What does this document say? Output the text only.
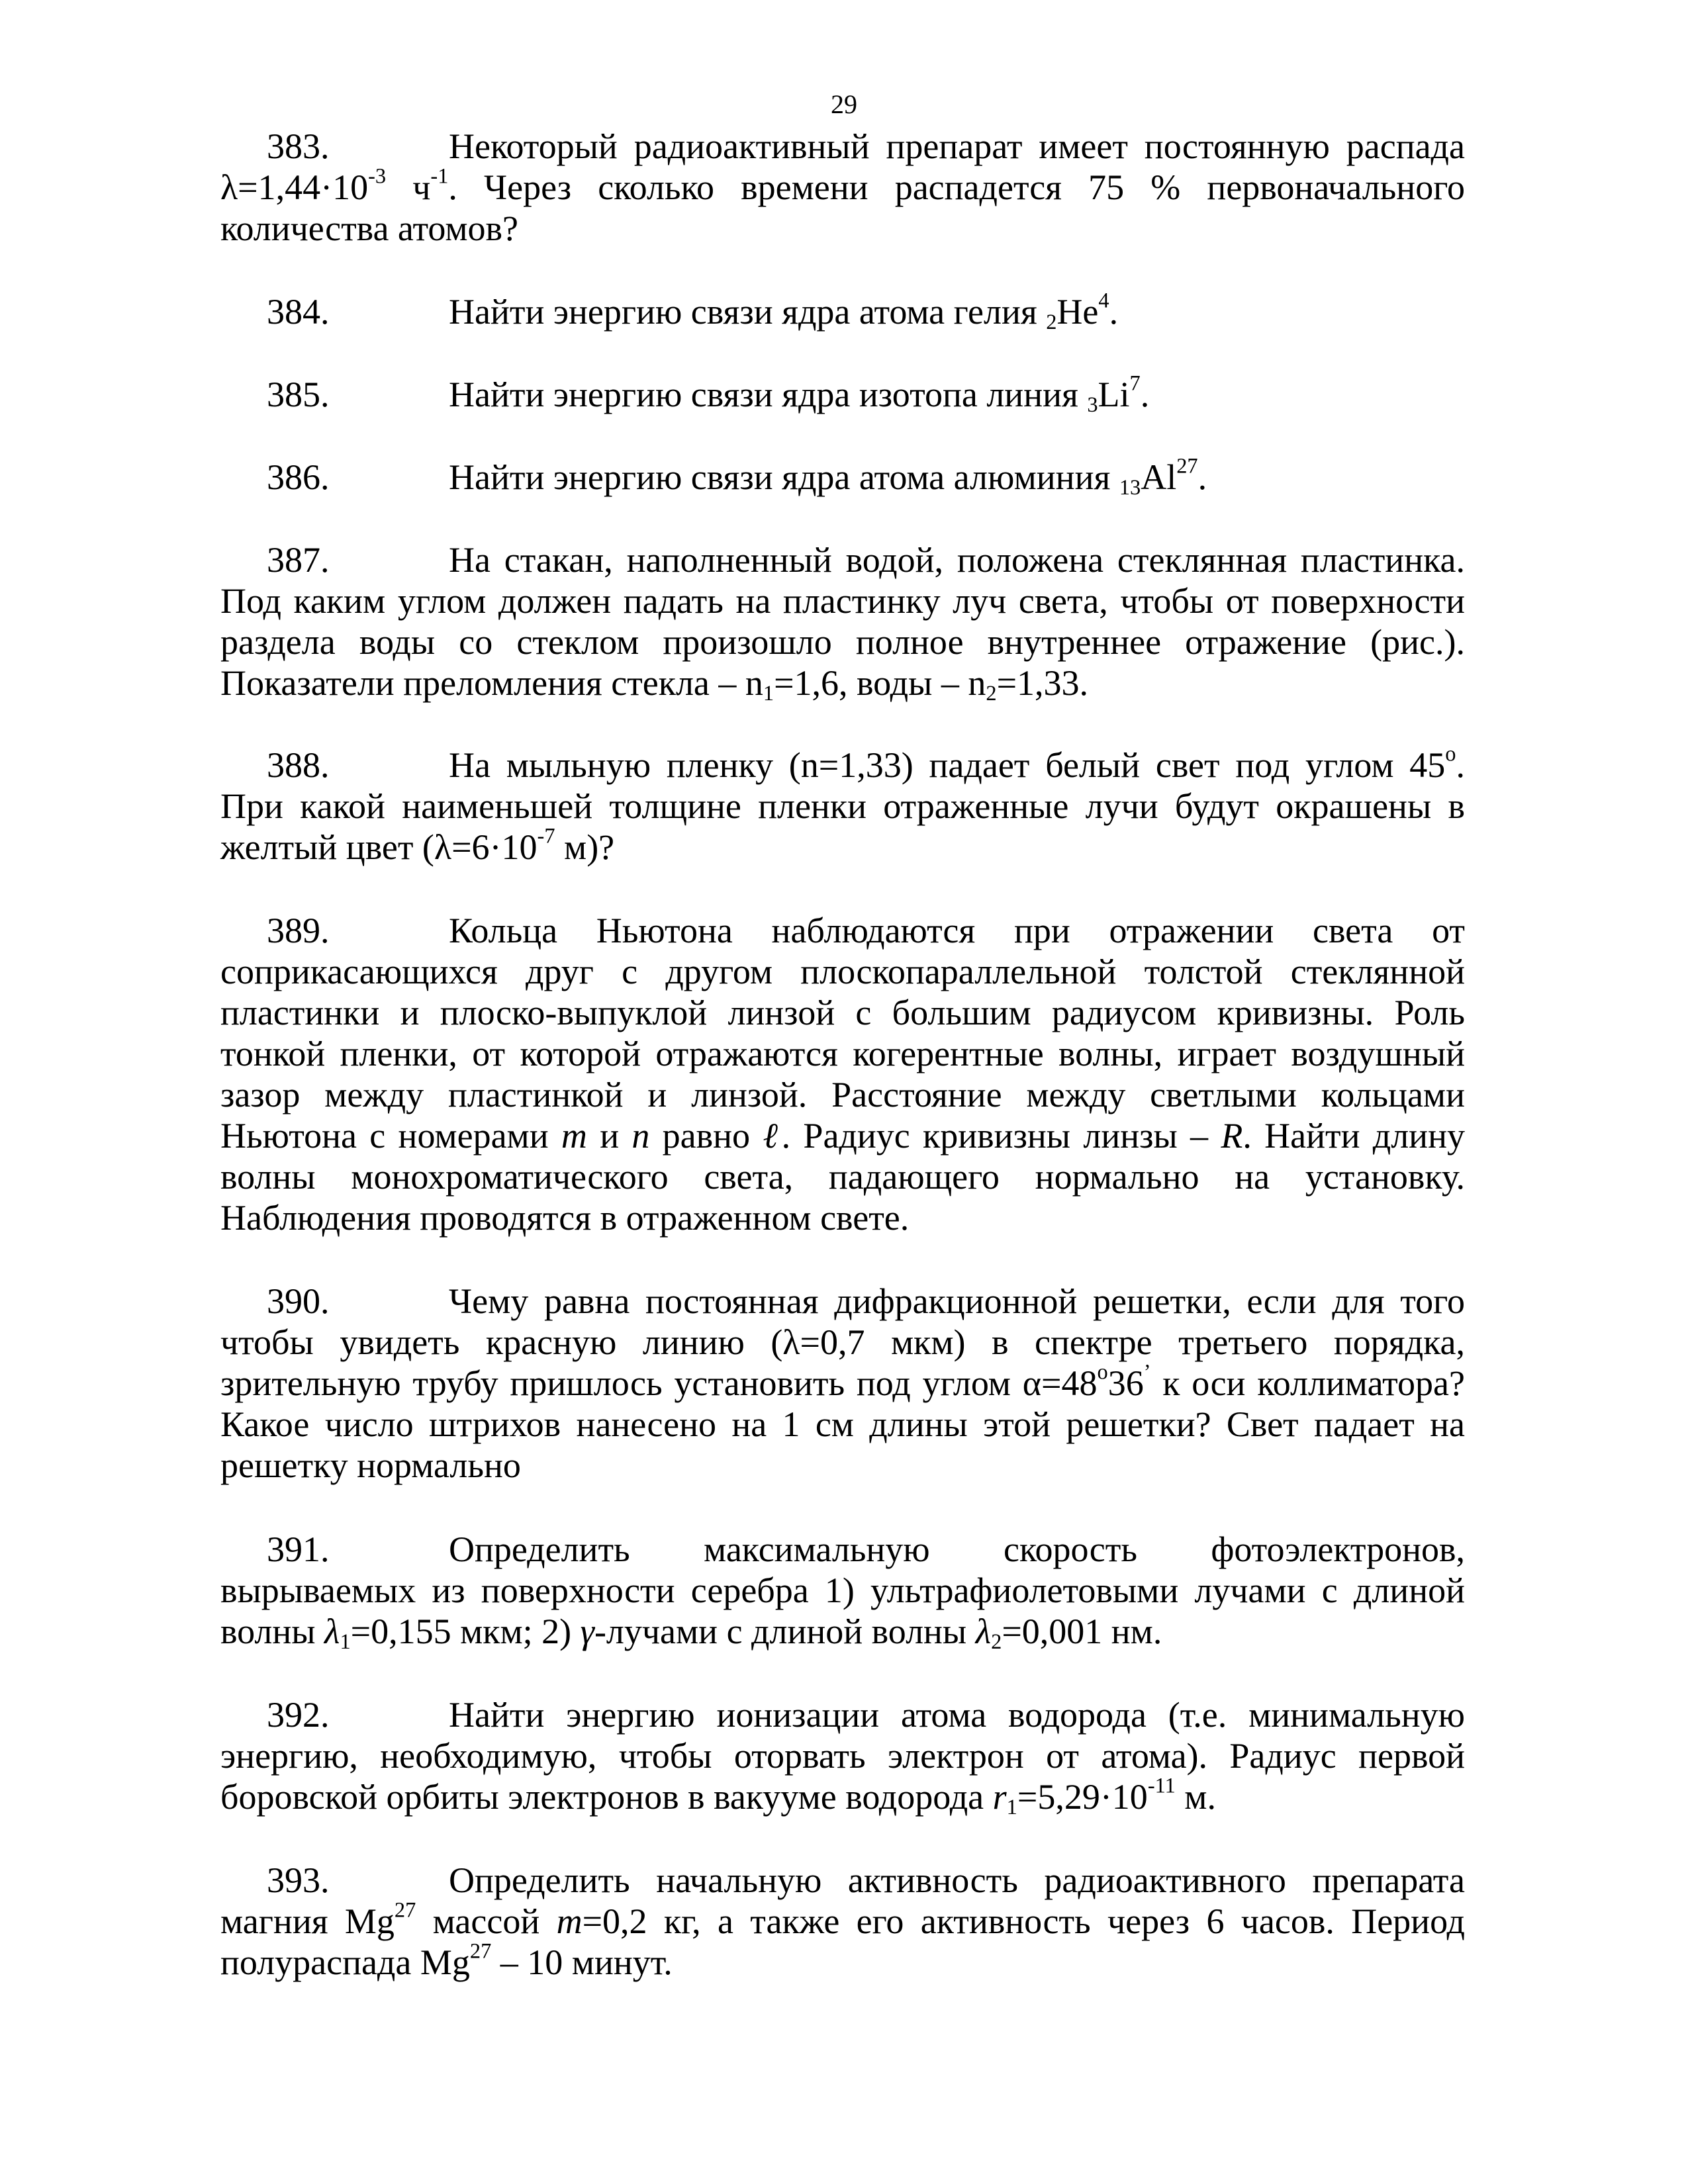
29

383.	Некоторый радиоактивный препарат имеет постоянную распада $\lambda=1,44\cdot 10^{-3}$ $ч^{-1}$. Через сколько времени распадется 75 % первоначального количества атомов?

384.	Найти энергию связи ядра атома гелия $_2He^4$.

385.	Найти энергию связи ядра изотопа линия $_3Li^7$.

386.	Найти энергию связи ядра атома алюминия $_{13}Al^{27}$.

387.	На стакан, наполненный водой, положена стеклянная пластинка. Под каким углом должен падать на пластинку луч света, чтобы от поверхности раздела воды со стеклом произошло полное внутреннее отражение (рис.). Показатели преломления стекла – $n_1=1,6$, воды – $n_2=1,33$.

388.	На мыльную пленку (n=1,33) падает белый свет под углом 45$^o$. При какой наименьшей толщине пленки отраженные лучи будут окрашены в желтый цвет ($\lambda=6\cdot 10^{-7}$ м)?

389.	Кольца Ньютона наблюдаются при отражении света от соприкасающихся друг с другом плоскопараллельной толстой стеклянной пластинки и плоско-выпуклой линзой с большим радиусом кривизны. Роль тонкой пленки, от которой отражаются когерентные волны, играет воздушный зазор между пластинкой и линзой. Расстояние между светлыми кольцами Ньютона с номерами m и n равно ℓ. Радиус кривизны линзы – R. Найти длину волны монохроматического света, падающего нормально на установку. Наблюдения проводятся в отраженном свете.

390.	Чему равна постоянная дифракционной решетки, если для того чтобы увидеть красную линию (λ=0,7 мкм) в спектре третьего порядка, зрительную трубу пришлось установить под углом $\alpha=48^o36^’$ к оси коллиматора? Какое число штрихов нанесено на 1 см длины этой решетки? Свет падает на решетку нормально

391.	Определить максимальную скорость фотоэлектронов, вырываемых из поверхности серебра 1) ультрафиолетовыми лучами с длиной волны $\lambda_1=0,155$ мкм; 2) γ-лучами с длиной волны $\lambda_2=0,001$ нм.

392.	Найти энергию ионизации атома водорода (т.е. минимальную энергию, необходимую, чтобы оторвать электрон от атома). Радиус первой боровской орбиты электронов в вакууме водорода $r_1=5,29\cdot 10^{-11}$ м.

393.	Определить начальную активность радиоактивного препарата магния Mg$^{27}$ массой m=0,2 кг, а также его активность через 6 часов. Период полураспада Mg$^{27}$ – 10 минут.
